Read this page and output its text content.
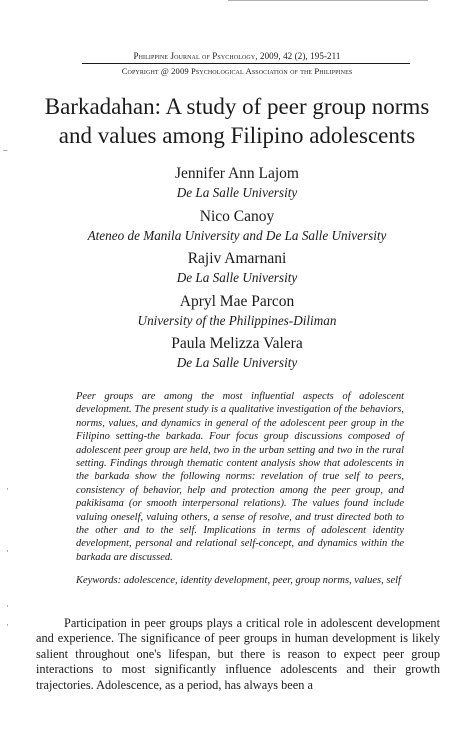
Philippine Journal of Psychology, 2009, 42 (2), 195-211
Copyright @ 2009 Psychological Association of the Philippines
Barkadahan: A study of peer group norms
and values among Filipino adolescents
Jennifer Ann Lajom
De La Salle University
Nico Canoy
Ateneo de Manila University and De La Salle University
Rajiv Amarnani
De La Salle University
Apryl Mae Parcon
University of the Philippines-Diliman
Paula Melizza Valera
De La Salle University
Peer groups are among the most influential aspects of adolescent development. The present study is a qualitative investigation of the behaviors, norms, values, and dynamics in general of the adolescent peer group in the Filipino setting-the barkada. Four focus group discussions composed of adolescent peer group are held, two in the urban setting and two in the rural setting. Findings through thematic content analysis show that adolescents in the barkada show the following norms: revelation of true self to peers, consistency of behavior, help and protection among the peer group, and pakikisama (or smooth interpersonal relations). The values found include valuing oneself, valuing others, a sense of resolve, and trust directed both to the other and to the self. Implications in terms of adolescent identity development, personal and relational self-concept, and dynamics within the barkada are discussed.
Keywords: adolescence, identity development, peer, group norms, values, self
Participation in peer groups plays a critical role in adolescent development and experience. The significance of peer groups in human development is likely salient throughout one's lifespan, but there is reason to expect peer group interactions to most significantly influence adolescents and their growth trajectories. Adolescence, as a period, has always been a
–
·
·
·
·
